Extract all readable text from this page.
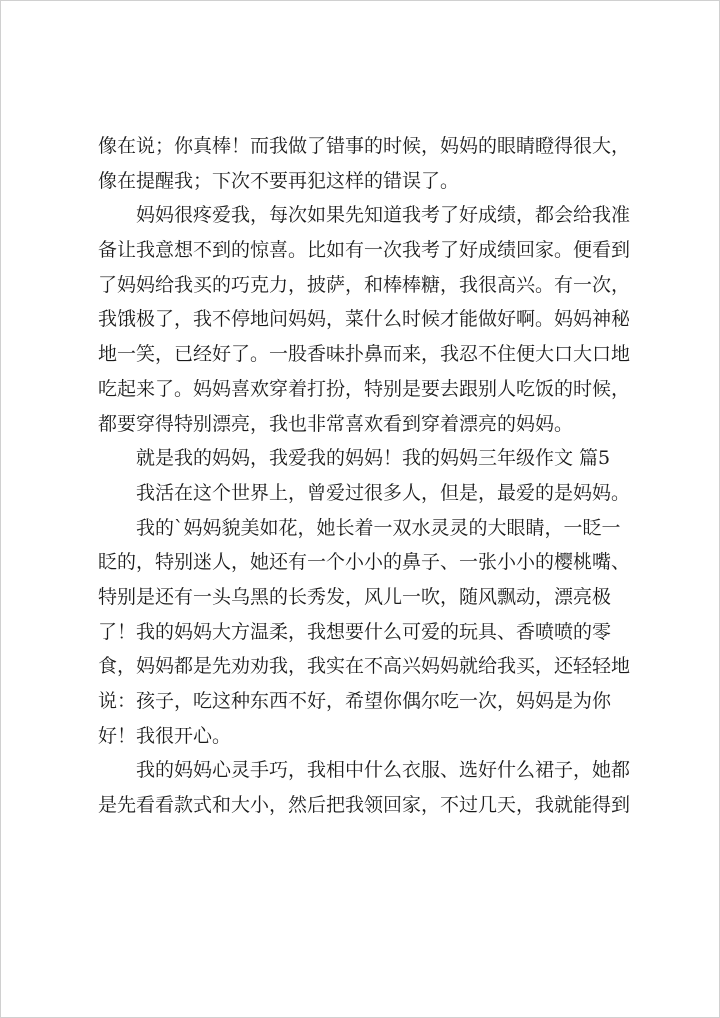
像在说；你真棒！而我做了错事的时候，妈妈的眼睛瞪得很大，
像在提醒我；下次不要再犯这样的错误了。
妈妈很疼爱我，每次如果先知道我考了好成绩，都会给我准
备让我意想不到的惊喜。比如有一次我考了好成绩回家。便看到
了妈妈给我买的巧克力，披萨，和棒棒糖，我很高兴。有一次，
我饿极了，我不停地问妈妈，菜什么时候才能做好啊。妈妈神秘
地一笑，已经好了。一股香味扑鼻而来，我忍不住便大口大口地
吃起来了。妈妈喜欢穿着打扮，特别是要去跟别人吃饭的时候，
都要穿得特别漂亮，我也非常喜欢看到穿着漂亮的妈妈。
就是我的妈妈，我爱我的妈妈！我的妈妈三年级作文 篇5
我活在这个世界上，曾爱过很多人，但是，最爱的是妈妈。
我的`妈妈貌美如花，她长着一双水灵灵的大眼睛，一眨一
眨的，特别迷人，她还有一个小小的鼻子、一张小小的樱桃嘴、
特别是还有一头乌黑的长秀发，风儿一吹，随风飘动，漂亮极
了！我的妈妈大方温柔，我想要什么可爱的玩具、香喷喷的零
食，妈妈都是先劝劝我，我实在不高兴妈妈就给我买，还轻轻地
说：孩子，吃这种东西不好，希望你偶尔吃一次，妈妈是为你
好！我很开心。
我的妈妈心灵手巧，我相中什么衣服、选好什么裙子，她都
是先看看款式和大小，然后把我领回家，不过几天，我就能得到
